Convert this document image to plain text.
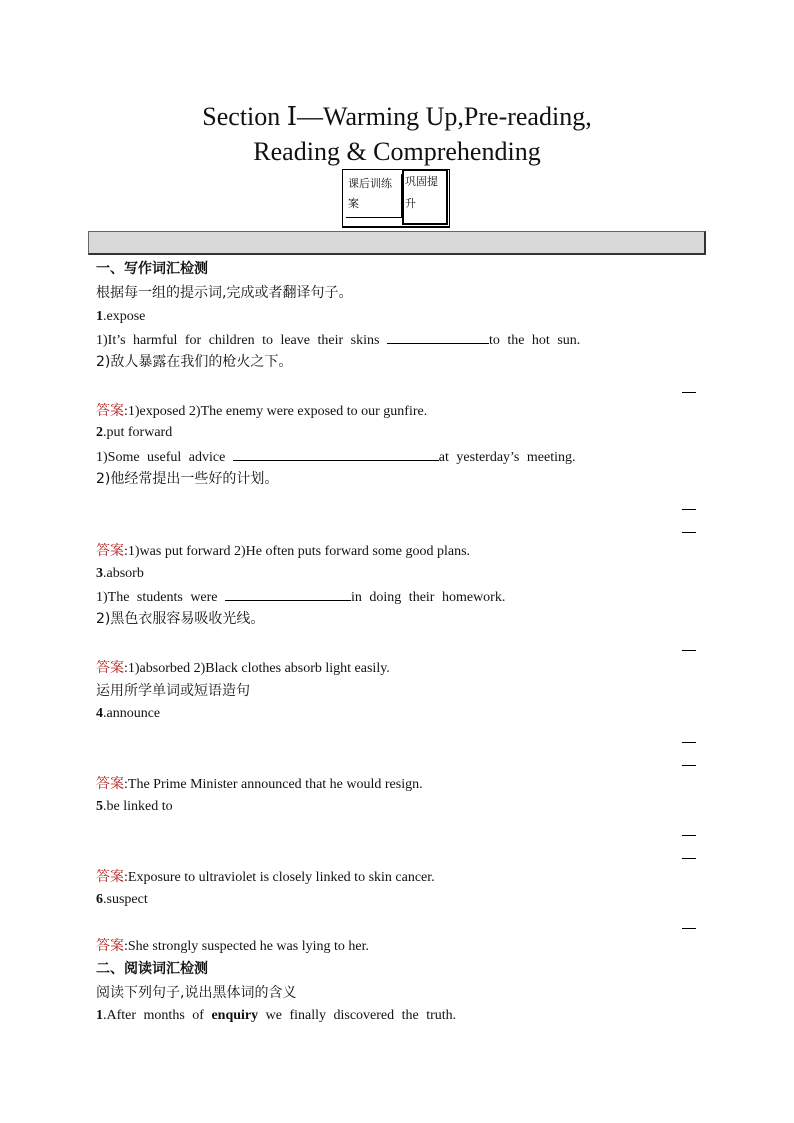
Section Ⅰ—Warming Up,Pre-reading,
Reading & Comprehending
课后训练
案
巩固提
升
一、写作词汇检测
根据每一组的提示词,完成或者翻译句子。
1.expose
1)It’s harmful for children to leave their skins	to the hot sun.
2)敌人暴露在我们的枪火之下。
答案:1)exposed 2)The enemy were exposed to our gunfire.
2.put forward
1)Some useful advice	at yesterday’s meeting.
2)他经常提出一些好的计划。
答案:1)was put forward 2)He often puts forward some good plans.
3.absorb
1)The students were	in doing their homework.
2)黑色衣服容易吸收光线。
答案:1)absorbed 2)Black clothes absorb light easily.
运用所学单词或短语造句
4.announce
答案:The Prime Minister announced that he would resign.
5.be linked to
答案:Exposure to ultraviolet is closely linked to skin cancer.
6.suspect
答案:She strongly suspected he was lying to her.
二、阅读词汇检测
阅读下列句子,说出黑体词的含义
1.After months of enquiry we finally discovered the truth.
